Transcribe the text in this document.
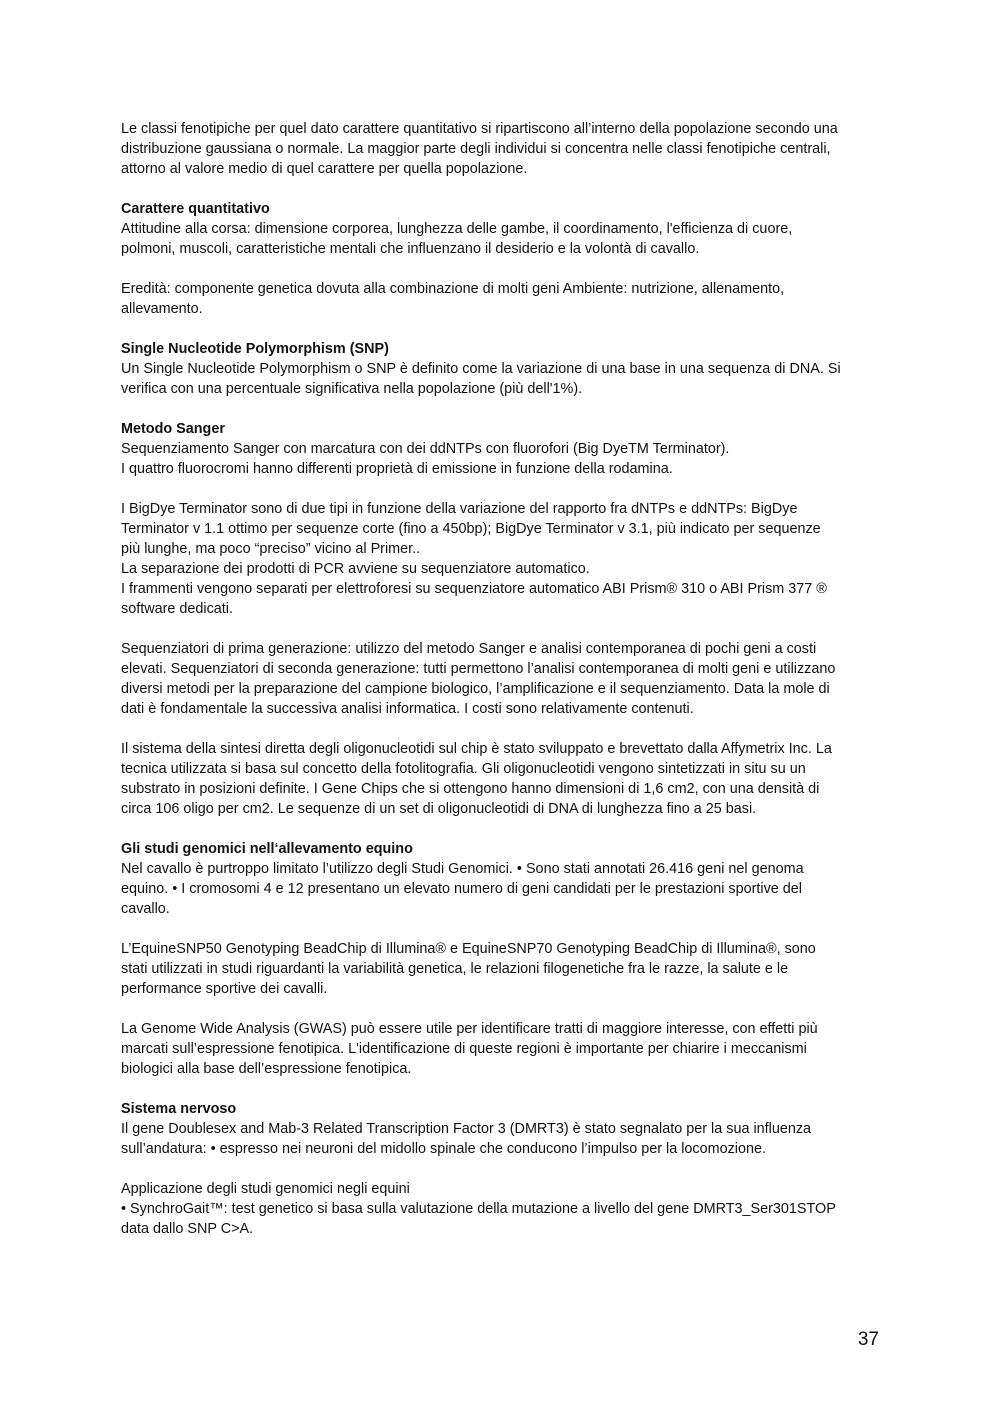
Le classi fenotipiche per quel dato carattere quantitativo si ripartiscono all’interno della popolazione secondo una
distribuzione gaussiana o normale. La maggior parte degli individui si concentra nelle classi fenotipiche centrali,
attorno al valore medio di quel carattere per quella popolazione.
Carattere quantitativo
Attitudine alla corsa: dimensione corporea, lunghezza delle gambe, il coordinamento, l'efficienza di cuore,
polmoni, muscoli, caratteristiche mentali che influenzano il desiderio e la volontà di cavallo.
Eredità: componente genetica dovuta alla combinazione di molti geni Ambiente: nutrizione, allenamento,
allevamento.
Single Nucleotide Polymorphism (SNP)
Un Single Nucleotide Polymorphism o SNP è definito come la variazione di una base in una sequenza di DNA. Si
verifica con una percentuale significativa nella popolazione (più dell'1%).
Metodo Sanger
Sequenziamento Sanger con marcatura con dei ddNTPs con fluorofori (Big DyeTM Terminator).
I quattro fluorocromi hanno differenti proprietà di emissione in funzione della rodamina.
I BigDye Terminator sono di due tipi in funzione della variazione del rapporto fra dNTPs e ddNTPs: BigDye
Terminator v 1.1 ottimo per sequenze corte (fino a 450bp); BigDye Terminator v 3.1, più indicato per sequenze
più lunghe, ma poco “preciso” vicino al Primer..
La separazione dei prodotti di PCR avviene su sequenziatore automatico.
I frammenti vengono separati per elettroforesi su sequenziatore automatico ABI Prism® 310 o ABI Prism 377 ®
software dedicati.
Sequenziatori di prima generazione: utilizzo del metodo Sanger e analisi contemporanea di pochi geni a costi
elevati. Sequenziatori di seconda generazione: tutti permettono l’analisi contemporanea di molti geni e utilizzano
diversi metodi per la preparazione del campione biologico, l’amplificazione e il sequenziamento. Data la mole di
dati è fondamentale la successiva analisi informatica. I costi sono relativamente contenuti.
Il sistema della sintesi diretta degli oligonucleotidi sul chip è stato sviluppato e brevettato dalla Affymetrix Inc. La
tecnica utilizzata si basa sul concetto della fotolitografia. Gli oligonucleotidi vengono sintetizzati in situ su un
substrato in posizioni definite. I Gene Chips che si ottengono hanno dimensioni di 1,6 cm2, con una densità di
circa 106 oligo per cm2. Le sequenze di un set di oligonucleotidi di DNA di lunghezza fino a 25 basi.
Gli studi genomici nell‘allevamento equino
Nel cavallo è purtroppo limitato l’utilizzo degli Studi Genomici. • Sono stati annotati 26.416 geni nel genoma
equino. • I cromosomi 4 e 12 presentano un elevato numero di geni candidati per le prestazioni sportive del
cavallo.
L’EquineSNP50 Genotyping BeadChip di Illumina® e EquineSNP70 Genotyping BeadChip di Illumina®, sono
stati utilizzati in studi riguardanti la variabilità genetica, le relazioni filogenetiche fra le razze, la salute e le
performance sportive dei cavalli.
La Genome Wide Analysis (GWAS) può essere utile per identificare tratti di maggiore interesse, con effetti più
marcati sull’espressione fenotipica. L'identificazione di queste regioni è importante per chiarire i meccanismi
biologici alla base dell’espressione fenotipica.
Sistema nervoso
Il gene Doublesex and Mab-3 Related Transcription Factor 3 (DMRT3) è stato segnalato per la sua influenza
sull’andatura: • espresso nei neuroni del midollo spinale che conducono l’impulso per la locomozione.
Applicazione degli studi genomici negli equini
• SynchroGait™: test genetico si basa sulla valutazione della mutazione a livello del gene DMRT3_Ser301STOP
data dallo SNP C>A.
37
